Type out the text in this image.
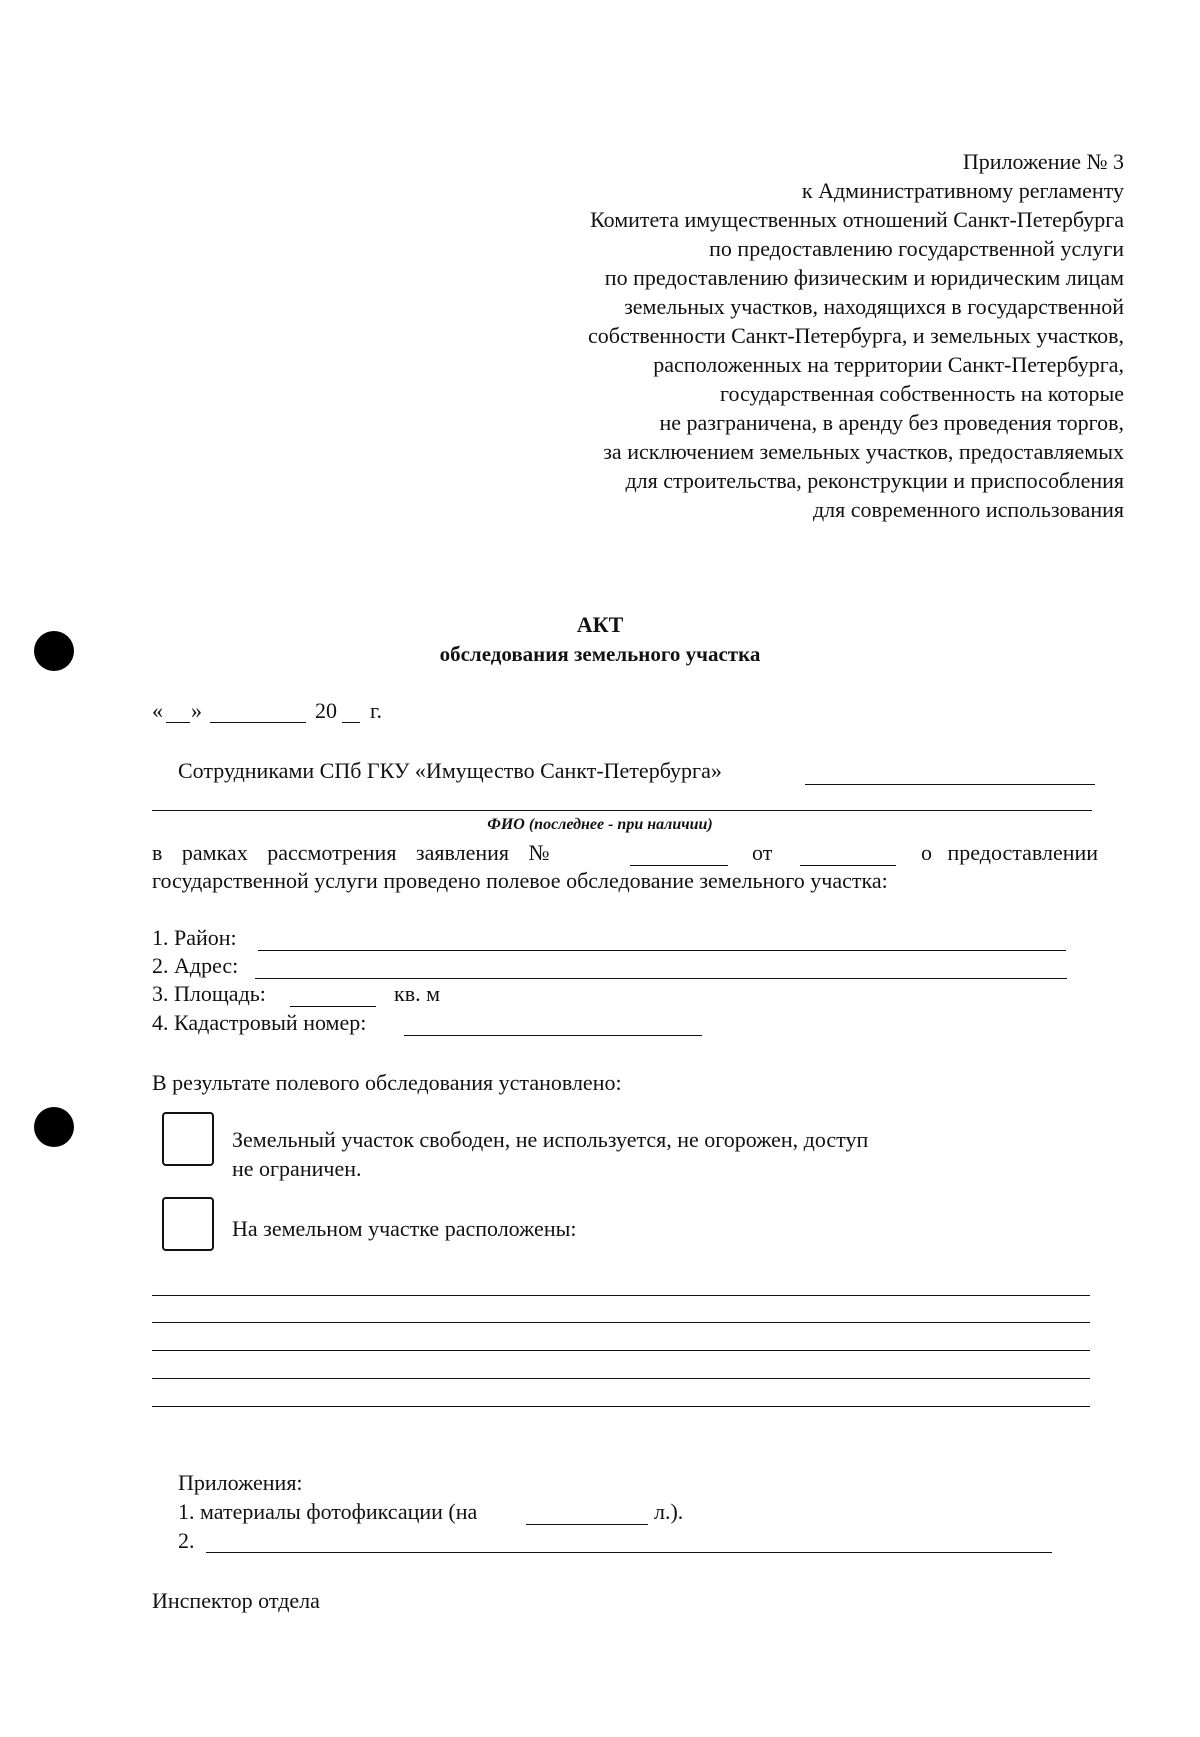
Приложение № 3
к Административному регламенту
Комитета имущественных отношений Санкт-Петербурга
по предоставлению государственной услуги
по предоставлению физическим и юридическим лицам
земельных участков, находящихся в государственной
собственности Санкт-Петербурга, и земельных участков,
расположенных на территории Санкт-Петербурга,
государственная собственность на которые
не разграничена, в аренду без проведения торгов,
за исключением земельных участков, предоставляемых
для строительства, реконструкции и приспособления
для современного использования
АКТ
обследования земельного участка
« »	20 г.
Сотрудниками СПб ГКУ «Имущество Санкт-Петербурга»
ФИО (последнее - при наличии)
в рамках рассмотрения заявления №	от	о предоставлении
государственной услуги проведено полевое обследование земельного участка:
1. Район:
2. Адрес:
3. Площадь:	кв. м
4. Кадастровый номер:
В результате полевого обследования установлено:
Земельный участок свободен, не используется, не огорожен, доступ
не ограничен.
На земельном участке расположены:
Приложения:
1. материалы фотофиксации (на	л.).
2.
Инспектор отдела
